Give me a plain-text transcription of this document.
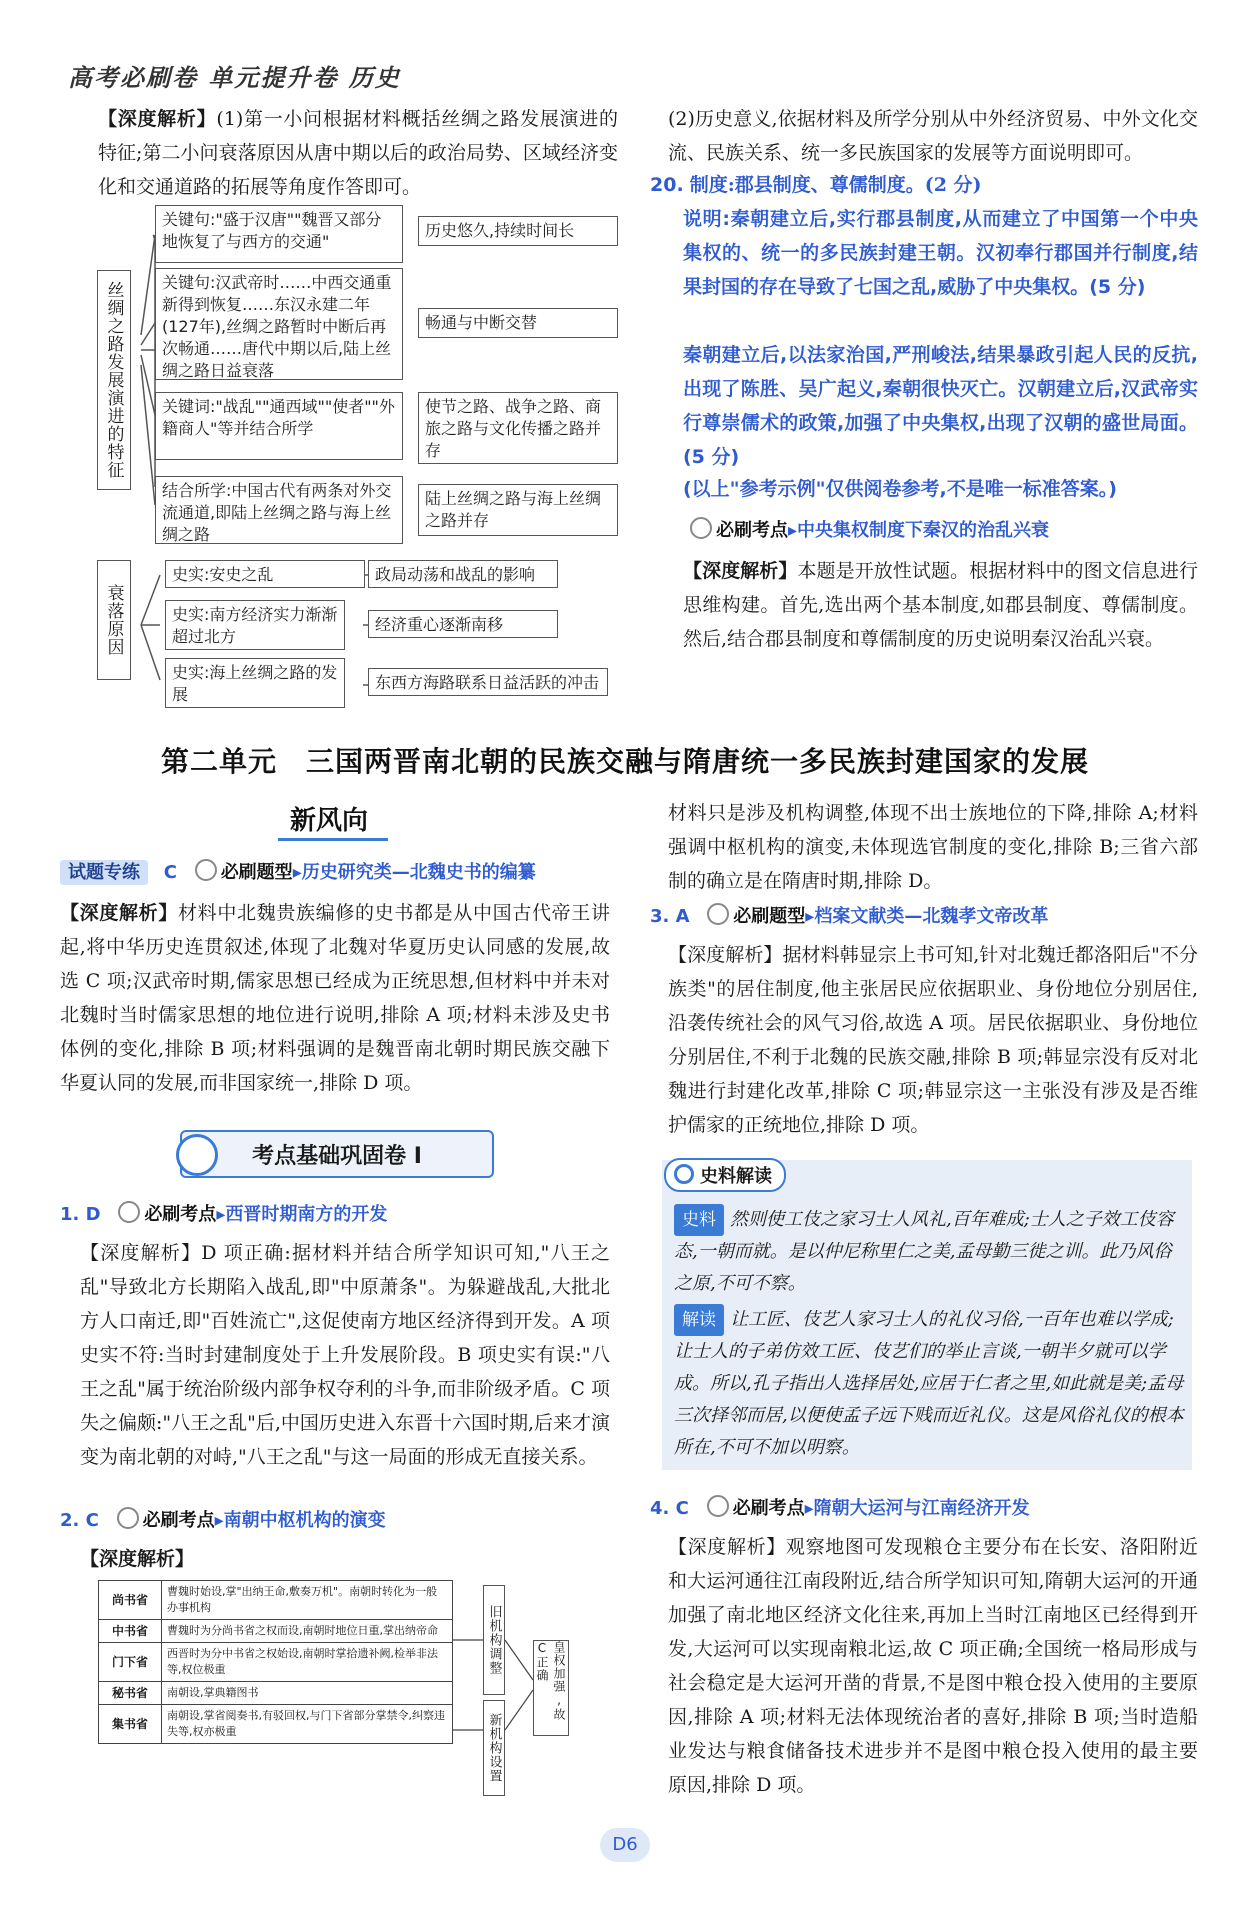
高考必刷卷 单元提升卷 历史
【深度解析】(1)第一小问根据材料概括丝绸之路发展演进的特征;第二小问衰落原因从唐中期以后的政治局势、区域经济变化和交通道路的拓展等角度作答即可。
丝绸之路发展演进的特征
关键句:"盛于汉唐""魏晋又部分地恢复了与西方的交通"
历史悠久,持续时间长
关键句:汉武帝时……中西交通重新得到恢复……东汉永建二年(127年),丝绸之路暂时中断后再次畅通……唐代中期以后,陆上丝绸之路日益衰落
畅通与中断交替
关键词:"战乱""通西域""使者""外籍商人"等并结合所学
使节之路、战争之路、商旅之路与文化传播之路并存
结合所学:中国古代有两条对外交流通道,即陆上丝绸之路与海上丝绸之路
陆上丝绸之路与海上丝绸之路并存
衰落原因
史实:安史之乱	政局动荡和战乱的影响
史实:南方经济实力渐渐超过北方
经济重心逐渐南移
史实:海上丝绸之路的发展
东西方海路联系日益活跃的冲击
(2)历史意义,依据材料及所学分别从中外经济贸易、中外文化交流、民族关系、统一多民族国家的发展等方面说明即可。
20. 制度:郡县制度、尊儒制度。(2 分)
说明:秦朝建立后,实行郡县制度,从而建立了中国第一个中央集权的、统一的多民族封建王朝。汉初奉行郡国并行制度,结果封国的存在导致了七国之乱,威胁了中央集权。(5 分)
秦朝建立后,以法家治国,严刑峻法,结果暴政引起人民的反抗,出现了陈胜、吴广起义,秦朝很快灭亡。汉朝建立后,汉武帝实行尊崇儒术的政策,加强了中央集权,出现了汉朝的盛世局面。(5 分)
(以上"参考示例"仅供阅卷参考,不是唯一标准答案。)
必刷考点▸中央集权制度下秦汉的治乱兴衰
【深度解析】本题是开放性试题。根据材料中的图文信息进行思维构建。首先,选出两个基本制度,如郡县制度、尊儒制度。然后,结合郡县制度和尊儒制度的历史说明秦汉治乱兴衰。
第二单元　三国两晋南北朝的民族交融与隋唐统一多民族封建国家的发展
新风向
试题专练 C 必刷题型▸历史研究类—北魏史书的编纂
【深度解析】材料中北魏贵族编修的史书都是从中国古代帝王讲起,将中华历史连贯叙述,体现了北魏对华夏历史认同感的发展,故选 C 项;汉武帝时期,儒家思想已经成为正统思想,但材料中并未对北魏时当时儒家思想的地位进行说明,排除 A 项;材料未涉及史书体例的变化,排除 B 项;材料强调的是魏晋南北朝时期民族交融下华夏认同的发展,而非国家统一,排除 D 项。
考点基础巩固卷 I
1. D 必刷考点▸西晋时期南方的开发
【深度解析】D 项正确:据材料并结合所学知识可知,"八王之乱"导致北方长期陷入战乱,即"中原萧条"。为躲避战乱,大批北方人口南迁,即"百姓流亡",这促使南方地区经济得到开发。A 项史实不符:当时封建制度处于上升发展阶段。B 项史实有误:"八王之乱"属于统治阶级内部争权夺利的斗争,而非阶级矛盾。C 项失之偏颇:"八王之乱"后,中国历史进入东晋十六国时期,后来才演变为南北朝的对峙,"八王之乱"与这一局面的形成无直接关系。
2. C 必刷考点▸南朝中枢机构的演变
【深度解析】
尚书省	曹魏时始设,掌"出纳王命,敷奏万机"。南朝时转化为一般办事机构
中书省	曹魏时为分尚书省之权而设,南朝时地位日重,掌出纳帝命
门下省	西晋时为分中书省之权始设,南朝时掌拾遗补阙,检举非法等,权位极重
秘书省	南朝设,掌典籍图书
集书省	南朝设,掌省阅奏书,有驳回权,与门下省部分掌禁令,纠察违失等,权亦极重
旧机构调整
新机构设置
皇权加强,故C正确
材料只是涉及机构调整,体现不出士族地位的下降,排除 A;材料强调中枢机构的演变,未体现选官制度的变化,排除 B;三省六部制的确立是在隋唐时期,排除 D。
3. A 必刷题型▸档案文献类—北魏孝文帝改革
【深度解析】据材料韩显宗上书可知,针对北魏迁都洛阳后"不分族类"的居住制度,他主张居民应依据职业、身份地位分别居住,沿袭传统社会的风气习俗,故选 A 项。居民依据职业、身份地位分别居住,不利于北魏的民族交融,排除 B 项;韩显宗没有反对北魏进行封建化改革,排除 C 项;韩显宗这一主张没有涉及是否维护儒家的正统地位,排除 D 项。
史料解读
史料 然则使工伎之家习士人风礼,百年难成;士人之子效工伎容态,一朝而就。是以仲尼称里仁之美,孟母勤三徙之训。此乃风俗之原,不可不察。
解读 让工匠、伎艺人家习士人的礼仪习俗,一百年也难以学成;让士人的子弟仿效工匠、伎艺们的举止言谈,一朝半夕就可以学成。所以,孔子指出人选择居处,应居于仁者之里,如此就是美;孟母三次择邻而居,以便使孟子远下贱而近礼仪。这是风俗礼仪的根本所在,不可不加以明察。
4. C 必刷考点▸隋朝大运河与江南经济开发
【深度解析】观察地图可发现粮仓主要分布在长安、洛阳附近和大运河通往江南段附近,结合所学知识可知,隋朝大运河的开通加强了南北地区经济文化往来,再加上当时江南地区已经得到开发,大运河可以实现南粮北运,故 C 项正确;全国统一格局形成与社会稳定是大运河开凿的背景,不是图中粮仓投入使用的主要原因,排除 A 项;材料无法体现统治者的喜好,排除 B 项;当时造船业发达与粮食储备技术进步并不是图中粮仓投入使用的最主要原因,排除 D 项。
D6
